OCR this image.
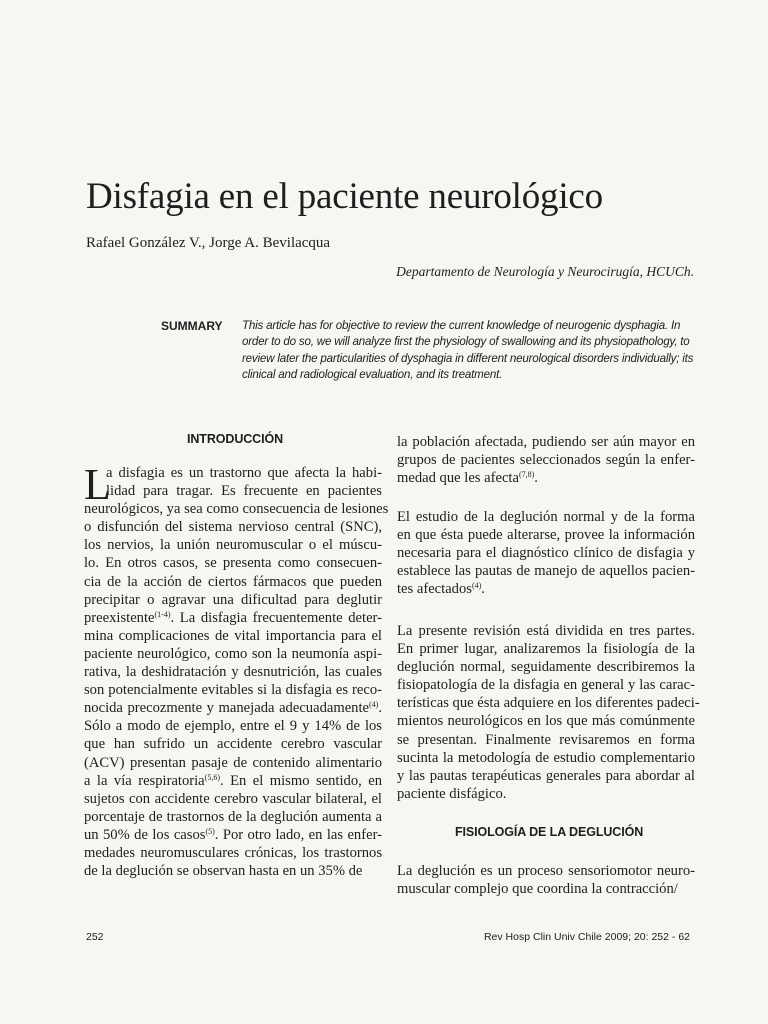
Disfagia en el paciente neurológico
Rafael González V., Jorge A. Bevilacqua
Departamento de Neurología y Neurocirugía, HCUCh.
SUMMARY This article has for objective to review the current knowledge of neurogenic dysphagia. In order to do so, we will analyze first the physiology of swallowing and its physiopathology, to review later the particularities of dysphagia in different neurological disorders individually; its clinical and radiological evaluation, and its treatment.

INTRODUCCIÓN
L

a disfagia es un trastorno que afecta la habi-
lidad para tragar. Es frecuente en pacientes
neurológicos, ya sea como consecuencia de lesiones
o disfunción del sistema nervioso central (SNC),
los nervios, la unión neuromuscular o el múscu-
lo. En otros casos, se presenta como consecuen-
cia de la acción de ciertos fármacos que pueden
precipitar o agravar una dificultad para deglutir
preexistente$^{(1-4)}$. La disfagia frecuentemente deter-
mina complicaciones de vital importancia para el
paciente neurológico, como son la neumonía aspi-
rativa, la deshidratación y desnutrición, las cuales
son potencialmente evitables si la disfagia es reco-
nocida precozmente y manejada adecuadamente$^{(4)}$.
Sólo a modo de ejemplo, entre el 9 y 14% de los
que han sufrido un accidente cerebro vascular
(ACV) presentan pasaje de contenido alimentario
a la vía respiratoria$^{(5,6)}$. En el mismo sentido, en
sujetos con accidente cerebro vascular bilateral, el
porcentaje de trastornos de la deglución aumenta a
un 50% de los casos$^{(5)}$. Por otro lado, en las enfer-
medades neuromusculares crónicas, los trastornos
de la deglución se observan hasta en un 35% de

la población afectada, pudiendo ser aún mayor en
grupos de pacientes seleccionados según la enfer-
medad que les afecta$^{(7,8)}$.

El estudio de la deglución normal y de la forma
en que ésta puede alterarse, provee la información
necesaria para el diagnóstico clínico de disfagia y
establece las pautas de manejo de aquellos pacien-
tes afectados$^{(4)}$.

La presente revisión está dividida en tres partes.
En primer lugar, analizaremos la fisiología de la
deglución normal, seguidamente describiremos la
fisiopatología de la disfagia en general y las carac-
terísticas que ésta adquiere en los diferentes padeci-
mientos neurológicos en los que más comúnmente
se presentan. Finalmente revisaremos en forma
sucinta la metodología de estudio complementario
y las pautas terapéuticas generales para abordar al
paciente disfágico.

FISIOLOGÍA DE LA DEGLUCIÓN

La deglución es un proceso sensoriomotor neuro-
muscular complejo que coordina la contracción/

252	Rev Hosp Clin Univ Chile 2009; 20: 252 - 62
